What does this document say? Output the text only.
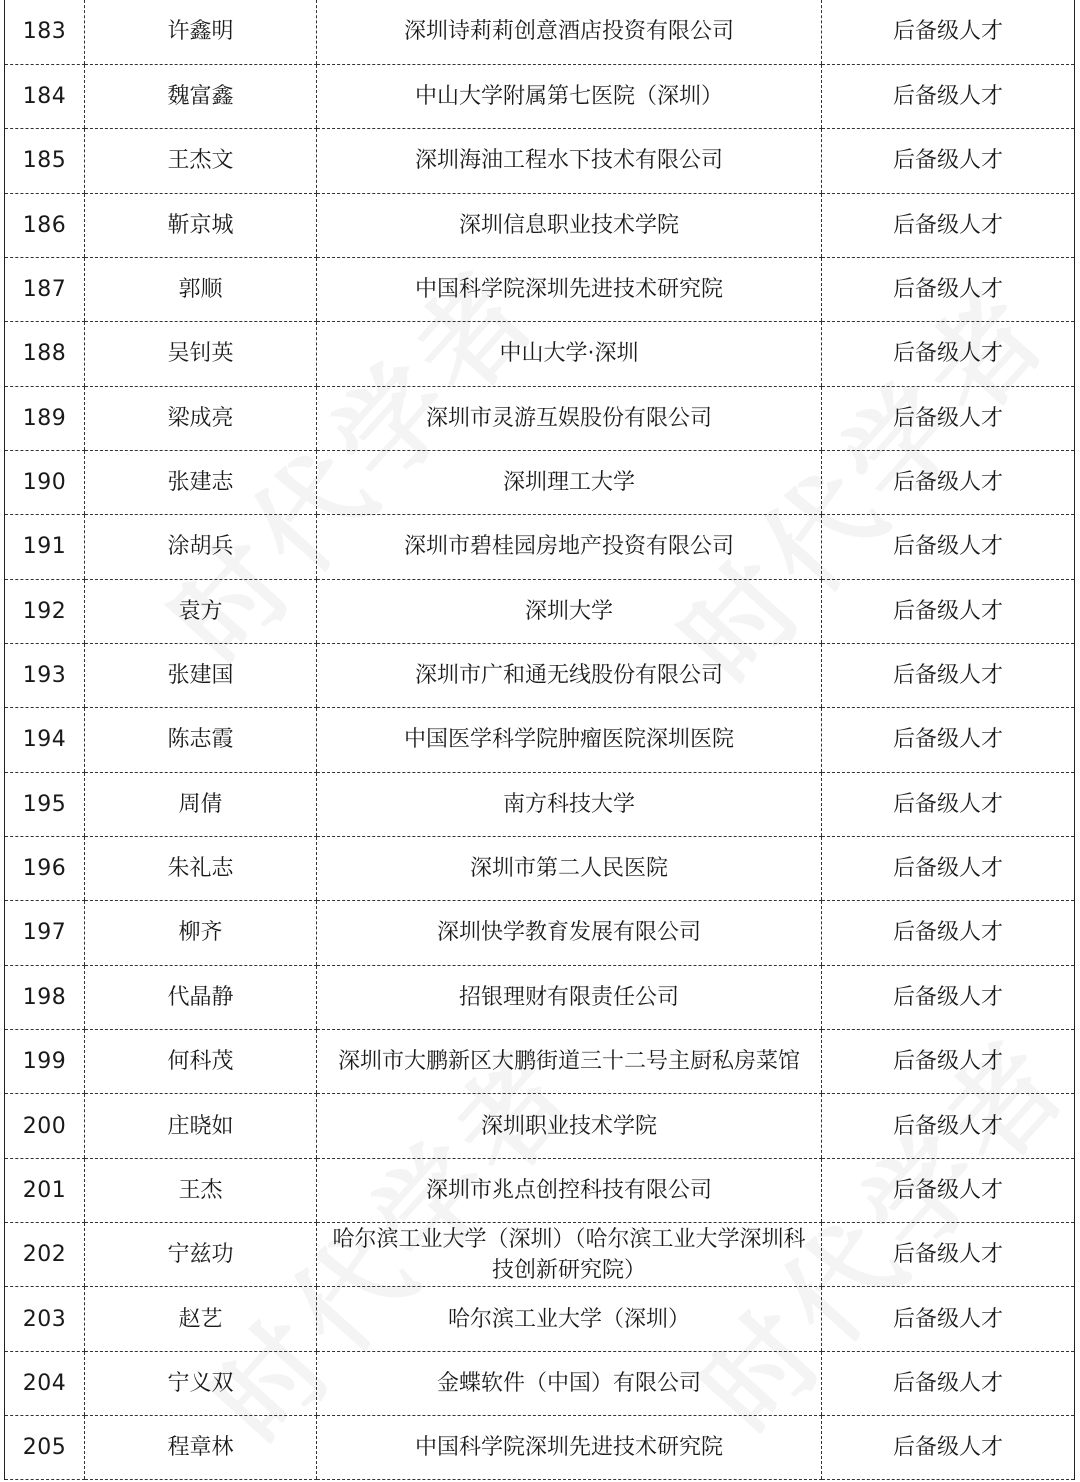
183	许鑫明	深圳诗莉莉创意酒店投资有限公司	后备级人才
184	魏富鑫	中山大学附属第七医院（深圳）	后备级人才
185	王杰文	深圳海油工程水下技术有限公司	后备级人才
186	靳京城	深圳信息职业技术学院	后备级人才
187	郭顺	中国科学院深圳先进技术研究院	后备级人才
188	吴钊英	中山大学·深圳	后备级人才
189	梁成亮	深圳市灵游互娱股份有限公司	后备级人才
190	张建志	深圳理工大学	后备级人才
191	涂胡兵	深圳市碧桂园房地产投资有限公司	后备级人才
192	袁方	深圳大学	后备级人才
193	张建国	深圳市广和通无线股份有限公司	后备级人才
194	陈志霞	中国医学科学院肿瘤医院深圳医院	后备级人才
195	周倩	南方科技大学	后备级人才
196	朱礼志	深圳市第二人民医院	后备级人才
197	柳齐	深圳快学教育发展有限公司	后备级人才
198	代晶静	招银理财有限责任公司	后备级人才
199	何科茂	深圳市大鹏新区大鹏街道三十二号主厨私房菜馆	后备级人才
200	庄晓如	深圳职业技术学院	后备级人才
201	王杰	深圳市兆点创控科技有限公司	后备级人才
202	宁兹功	哈尔滨工业大学（深圳）（哈尔滨工业大学深圳科技创新研究院）	后备级人才
203	赵艺	哈尔滨工业大学（深圳）	后备级人才
204	宁义双	金蝶软件（中国）有限公司	后备级人才
205	程章林	中国科学院深圳先进技术研究院	后备级人才
